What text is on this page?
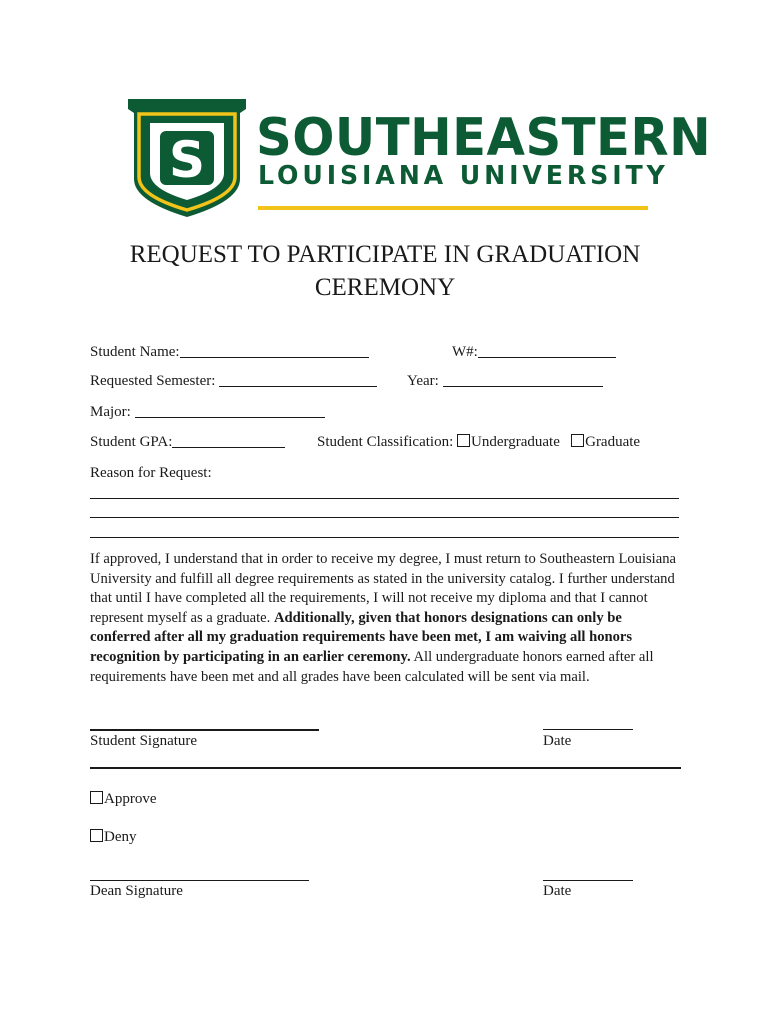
S SOUTHEASTERN
LOUISIANA UNIVERSITY
REQUEST TO PARTICIPATE IN GRADUATION
CEREMONY
Student Name:	W#:
Requested Semester:	Year:
Major:
Student GPA:	Student Classification: Undergraduate Graduate
Reason for Request:

If approved, I understand that in order to receive my degree, I must return to Southeastern Louisiana University and fulfill all degree requirements as stated in the university catalog. I further understand that until I have completed all the requirements, I will not receive my diploma and that I cannot represent myself as a graduate. Additionally, given that honors designations can only be conferred after all my graduation requirements have been met, I am waiving all honors recognition by participating in an earlier ceremony. All undergraduate honors earned after all requirements have been met and all grades have been calculated will be sent via mail.

Student Signature	Date
Approve
Deny
Dean Signature	Date
